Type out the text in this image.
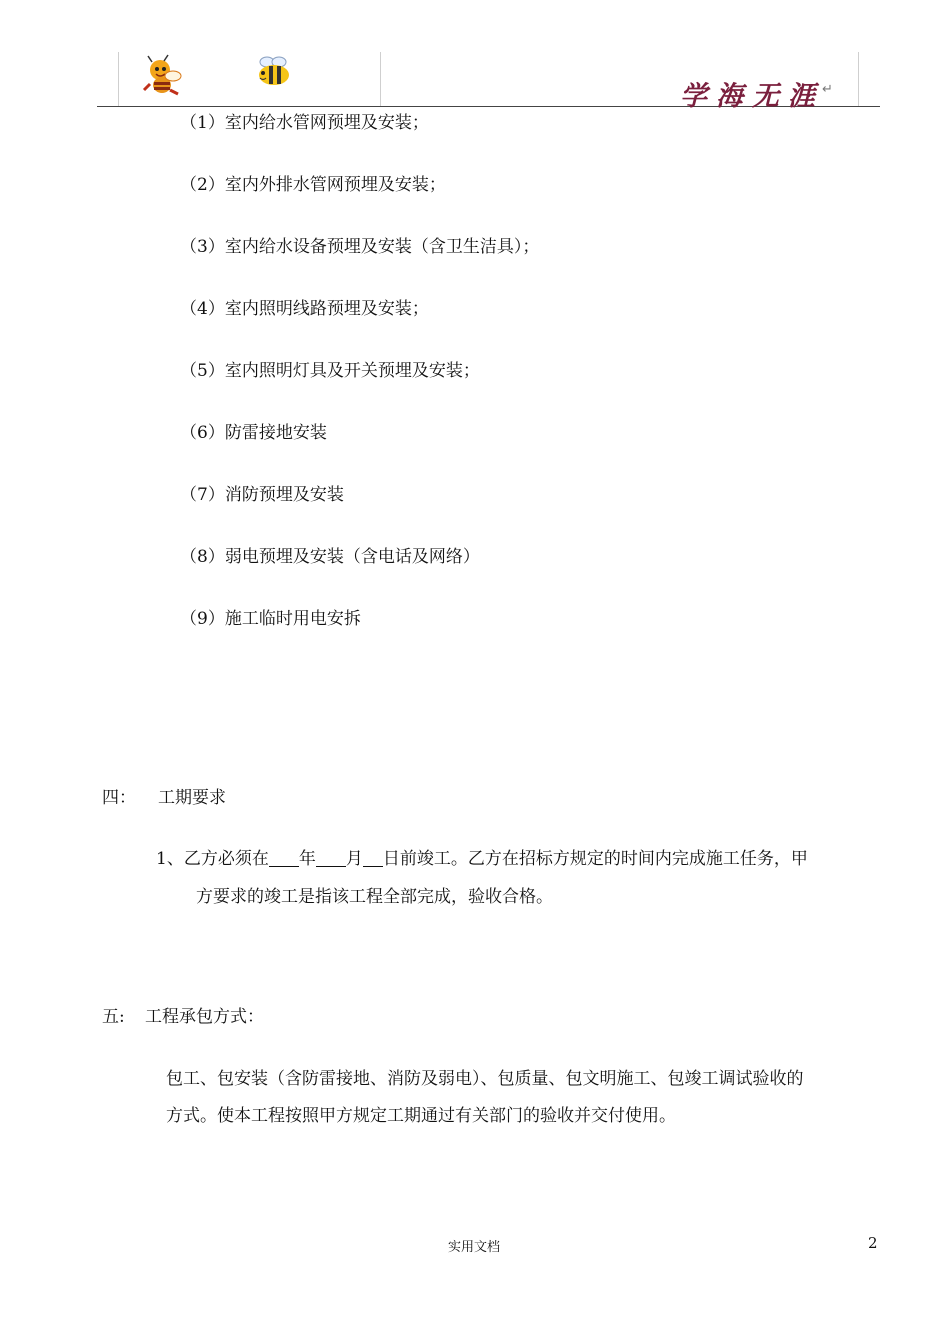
学海无涯
↵
（1）室内给水管网预埋及安装；
（2）室内外排水管网预埋及安装；
（3）室内给水设备预埋及安装（含卫生洁具）；
（4）室内照明线路预埋及安装；
（5）室内照明灯具及开关预埋及安装；
（6）防雷接地安装
（7）消防预埋及安装
（8）弱电预埋及安装（含电话及网络）
（9）施工临时用电安拆
四： 工期要求
1、乙方必须在 年 月 日前竣工。乙方在招标方规定的时间内完成施工任务，甲
方要求的竣工是指该工程全部完成，验收合格。
五: 工程承包方式：
包工、包安装（含防雷接地、消防及弱电）、包质量、包文明施工、包竣工调试验收的
方式。使本工程按照甲方规定工期通过有关部门的验收并交付使用。
实用文档	2
